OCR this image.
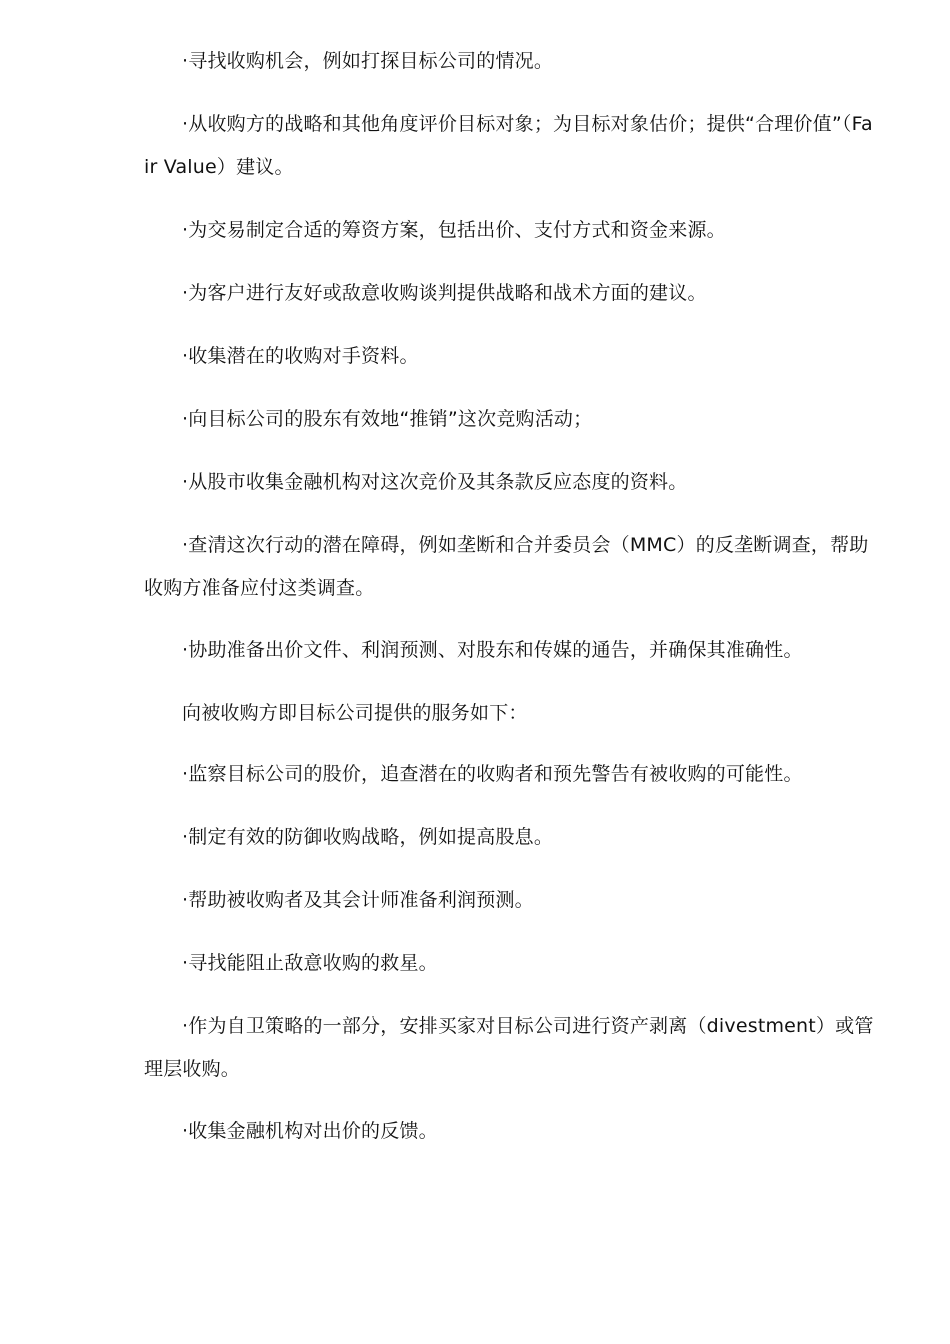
·寻找收购机会，例如打探目标公司的情况。

·从收购方的战略和其他角度评价目标对象；为目标对象估价；提供“合理价值”（Fair Value）建议。

·为交易制定合适的筹资方案，包括出价、支付方式和资金来源。

·为客户进行友好或敌意收购谈判提供战略和战术方面的建议。

·收集潜在的收购对手资料。

·向目标公司的股东有效地“推销”这次竞购活动；

·从股市收集金融机构对这次竞价及其条款反应态度的资料。

·查清这次行动的潜在障碍，例如垄断和合并委员会（MMC）的反垄断调查，帮助收购方准备应付这类调查。

·协助准备出价文件、利润预测、对股东和传媒的通告，并确保其准确性。

向被收购方即目标公司提供的服务如下：

·监察目标公司的股价，追查潜在的收购者和预先警告有被收购的可能性。

·制定有效的防御收购战略，例如提高股息。

·帮助被收购者及其会计师准备利润预测。

·寻找能阻止敌意收购的救星。

·作为自卫策略的一部分，安排买家对目标公司进行资产剥离（divestment）或管理层收购。

·收集金融机构对出价的反馈。
